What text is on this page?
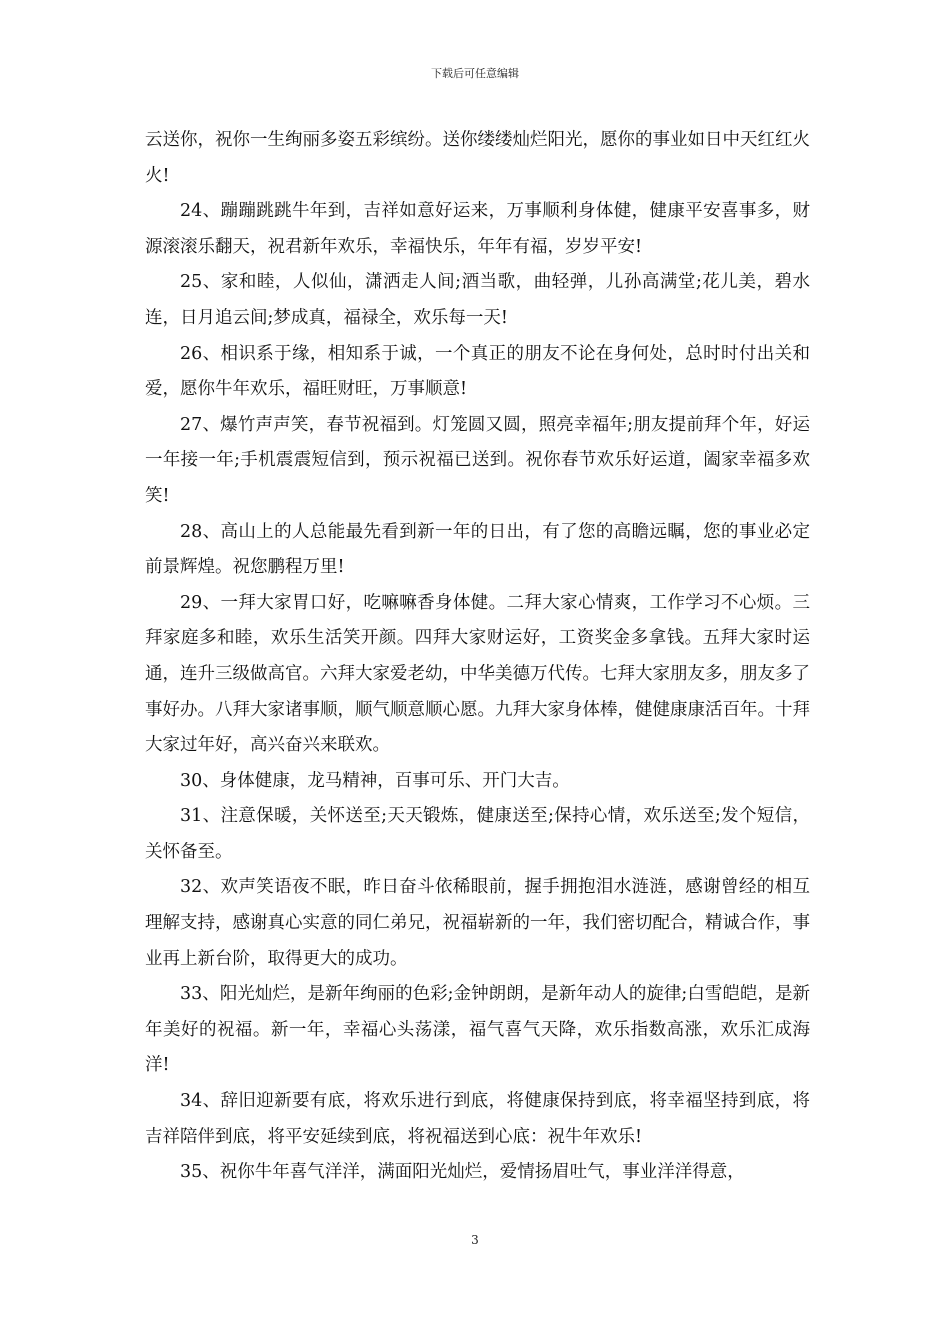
下载后可任意编辑

云送你，祝你一生绚丽多姿五彩缤纷。送你缕缕灿烂阳光，愿你的事业如日中天红红火火!

24、蹦蹦跳跳牛年到，吉祥如意好运来，万事顺利身体健，健康平安喜事多，财源滚滚乐翻天，祝君新年欢乐，幸福快乐，年年有福，岁岁平安!

25、家和睦，人似仙，潇洒走人间;酒当歌，曲轻弹，儿孙高满堂;花儿美，碧水连，日月追云间;梦成真，福禄全，欢乐每一天!

26、相识系于缘，相知系于诚，一个真正的朋友不论在身何处，总时时付出关和爱，愿你牛年欢乐，福旺财旺，万事顺意!

27、爆竹声声笑，春节祝福到。灯笼圆又圆，照亮幸福年;朋友提前拜个年，好运一年接一年;手机震震短信到，预示祝福已送到。祝你春节欢乐好运道，阖家幸福多欢笑!

28、高山上的人总能最先看到新一年的日出，有了您的高瞻远瞩，您的事业必定前景辉煌。祝您鹏程万里!

29、一拜大家胃口好，吃嘛嘛香身体健。二拜大家心情爽，工作学习不心烦。三拜家庭多和睦，欢乐生活笑开颜。四拜大家财运好，工资奖金多拿钱。五拜大家时运通，连升三级做高官。六拜大家爱老幼，中华美德万代传。七拜大家朋友多，朋友多了事好办。八拜大家诸事顺，顺气顺意顺心愿。九拜大家身体棒，健健康康活百年。十拜大家过年好，高兴奋兴来联欢。

30、身体健康，龙马精神，百事可乐、开门大吉。

31、注意保暖，关怀送至;天天锻炼，健康送至;保持心情，欢乐送至;发个短信，关怀备至。

32、欢声笑语夜不眠，昨日奋斗依稀眼前，握手拥抱泪水涟涟，感谢曾经的相互理解支持，感谢真心实意的同仁弟兄，祝福崭新的一年，我们密切配合，精诚合作，事业再上新台阶，取得更大的成功。

33、阳光灿烂，是新年绚丽的色彩;金钟朗朗，是新年动人的旋律;白雪皑皑，是新年美好的祝福。新一年，幸福心头荡漾，福气喜气天降，欢乐指数高涨，欢乐汇成海洋!

34、辞旧迎新要有底，将欢乐进行到底，将健康保持到底，将幸福坚持到底，将吉祥陪伴到底，将平安延续到底，将祝福送到心底：祝牛年欢乐!

35、祝你牛年喜气洋洋，满面阳光灿烂，爱情扬眉吐气，事业洋洋得意，

3
